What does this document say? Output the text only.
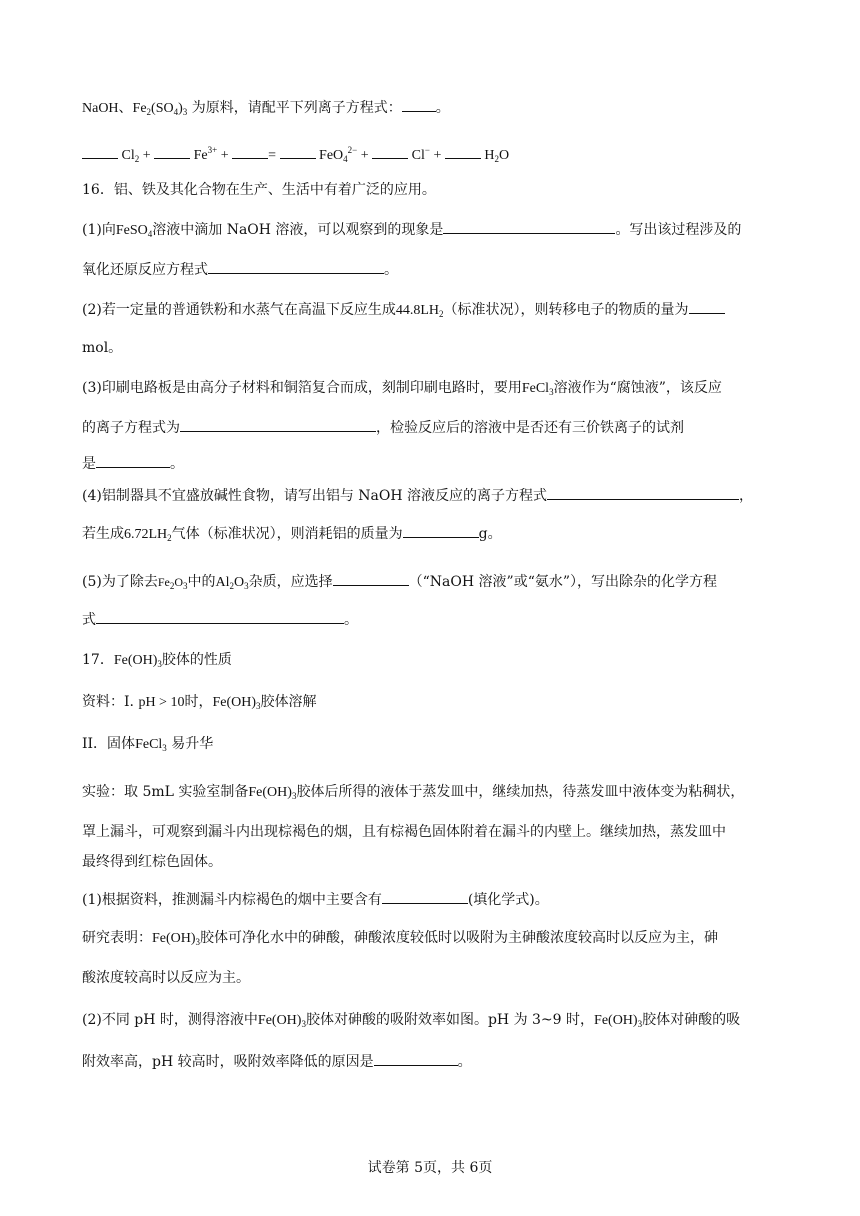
NaOH、$Fe_2(SO_4)_3$ 为原料，请配平下列离子方程式： 。
$Cl_2$ +	$Fe^{3+}$ +	=	FeO$_4^{2-}$ +	Cl− +	$H_2O$
16．铝、铁及其化合物在生产、生活中有着广泛的应用。
(1)向FeSO$_4$溶液中滴加 NaOH 溶液，可以观察到的现象是	。写出该过程涉及的
氧化还原反应方程式	。
(2)若一定量的普通铁粉和水蒸气在高温下反应生成$44.8LH_2$（标准状况），则转移电子的物质的量为
mol。
(3)印刷电路板是由高分子材料和铜箔复合而成，刻制印刷电路时，要用FeCl$_3$溶液作为“腐蚀液”，该反应
的离子方程式为	，检验反应后的溶液中是否还有三价铁离子的试剂
是	。
(4)铝制器具不宜盛放碱性食物，请写出铝与 NaOH 溶液反应的离子方程式	，
若生成$6.72LH_2$气体（标准状况），则消耗铝的质量为	g。
(5)为了除去$Fe_2O_3$中的$Al_2O_3$杂质，应选择	（“NaOH 溶液”或“氨水”），写出除杂的化学方程
式	。
17．$Fe(OH)_3$胶体的性质
资料：I. pH > 10时，$Fe(OH)_3$胶体溶解
II．固体FeCl$_3$ 易升华
实验：取 5mL 实验室制备$Fe(OH)_3$胶体后所得的液体于蒸发皿中，继续加热，待蒸发皿中液体变为粘稠状，
罩上漏斗，可观察到漏斗内出现棕褐色的烟，且有棕褐色固体附着在漏斗的内壁上。继续加热，蒸发皿中
最终得到红棕色固体。
(1)根据资料，推测漏斗内棕褐色的烟中主要含有	(填化学式)。
研究表明：$Fe(OH)_3$胶体可净化水中的砷酸，砷酸浓度较低时以吸附为主砷酸浓度较高时以反应为主，砷
酸浓度较高时以反应为主。
(2)不同 pH 时，测得溶液中$Fe(OH)_3$胶体对砷酸的吸附效率如图。pH 为 3~9 时，$Fe(OH)_3$胶体对砷酸的吸
附效率高，pH 较高时，吸附效率降低的原因是	。
试卷第 5页，共 6页
